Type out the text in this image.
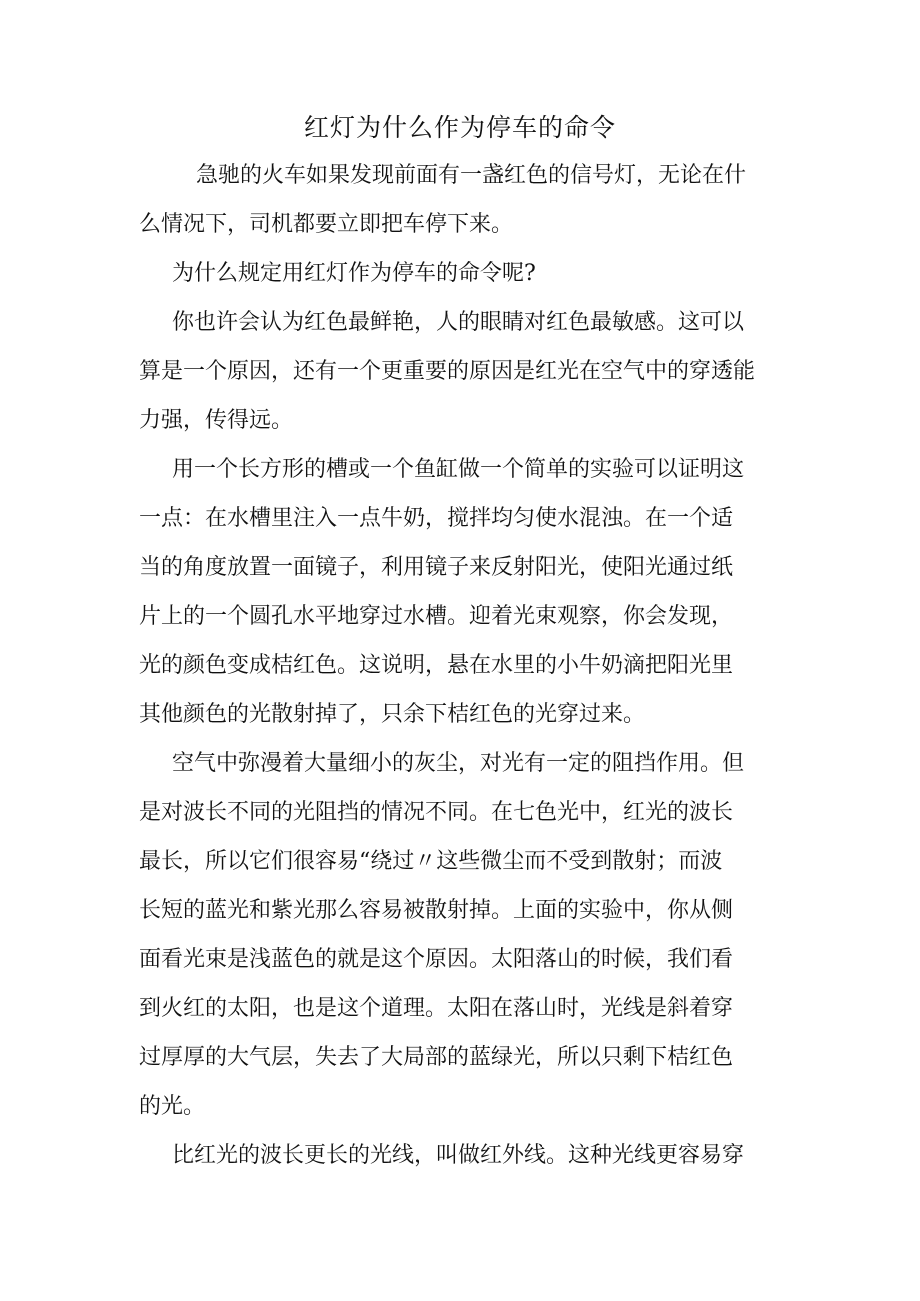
红灯为什么作为停车的命令

急驰的火车如果发现前面有一盏红色的信号灯，无论在什

么情况下，司机都要立即把车停下来。

为什么规定用红灯作为停车的命令呢?

你也许会认为红色最鲜艳，人的眼睛对红色最敏感。这可以

算是一个原因，还有一个更重要的原因是红光在空气中的穿透能

力强，传得远。

用一个长方形的槽或一个鱼缸做一个简单的实验可以证明这

一点：在水槽里注入一点牛奶，搅拌均匀使水混浊。在一个适

当的角度放置一面镜子，利用镜子来反射阳光，使阳光通过纸

片上的一个圆孔水平地穿过水槽。迎着光束观察，你会发现，

光的颜色变成桔红色。这说明，悬在水里的小牛奶滴把阳光里

其他颜色的光散射掉了，只余下桔红色的光穿过来。

空气中弥漫着大量细小的灰尘，对光有一定的阻挡作用。但

是对波长不同的光阻挡的情况不同。在七色光中，红光的波长

最长，所以它们很容易“绕过〃这些微尘而不受到散射；而波

长短的蓝光和紫光那么容易被散射掉。上面的实验中，你从侧

面看光束是浅蓝色的就是这个原因。太阳落山的时候，我们看

到火红的太阳，也是这个道理。太阳在落山时，光线是斜着穿

过厚厚的大气层，失去了大局部的蓝绿光，所以只剩下桔红色

的光。

比红光的波长更长的光线，叫做红外线。这种光线更容易穿
